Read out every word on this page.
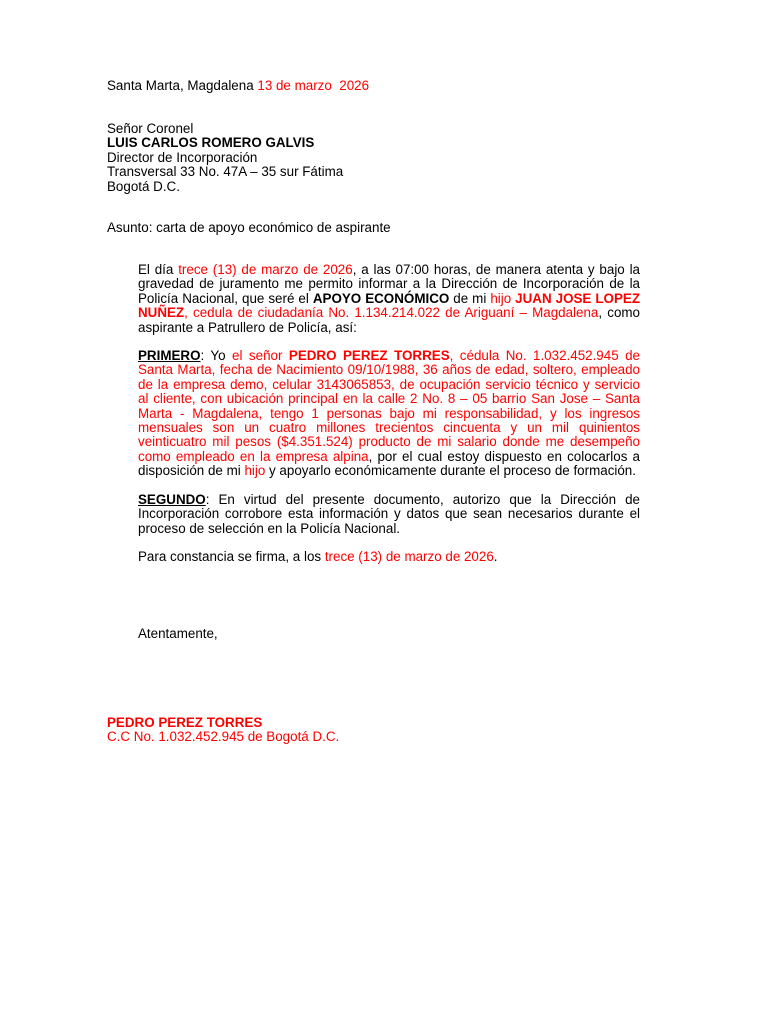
Santa Marta, Magdalena 13 de marzo  2026
Señor Coronel
LUIS CARLOS ROMERO GALVIS
Director de Incorporación
Transversal 33 No. 47A – 35 sur Fátima
Bogotá D.C.
Asunto: carta de apoyo económico de aspirante

El día trece (13) de marzo de 2026, a las 07:00 horas, de manera atenta y bajo la gravedad de juramento me permito informar a la Dirección de Incorporación de la Policía Nacional, que seré el APOYO ECONÓMICO de mi hijo JUAN JOSE LOPEZ NUÑEZ, cedula de ciudadanía No. 1.134.214.022 de Ariguaní – Magdalena, como aspirante a Patrullero de Policía, así:

PRIMERO: Yo el señor PEDRO PEREZ TORRES, cédula No. 1.032.452.945 de Santa Marta, fecha de Nacimiento 09/10/1988, 36 años de edad, soltero, empleado de la empresa demo, celular 3143065853, de ocupación servicio técnico y servicio al cliente, con ubicación principal en la calle 2 No. 8 – 05 barrio San Jose – Santa Marta - Magdalena, tengo 1 personas bajo mi responsabilidad, y los ingresos mensuales son un cuatro millones trecientos cincuenta y un mil quinientos veinticuatro mil pesos ($4.351.524) producto de mi salario donde me desempeño como empleado en la empresa alpina, por el cual estoy dispuesto en colocarlos a disposición de mi hijo y apoyarlo económicamente durante el proceso de formación.

SEGUNDO: En virtud del presente documento, autorizo que la Dirección de Incorporación corrobore esta información y datos que sean necesarios durante el proceso de selección en la Policía Nacional.

Para constancia se firma, a los trece (13) de marzo de 2026.

Atentamente,
PEDRO PEREZ TORRES
C.C No. 1.032.452.945 de Bogotá D.C.
